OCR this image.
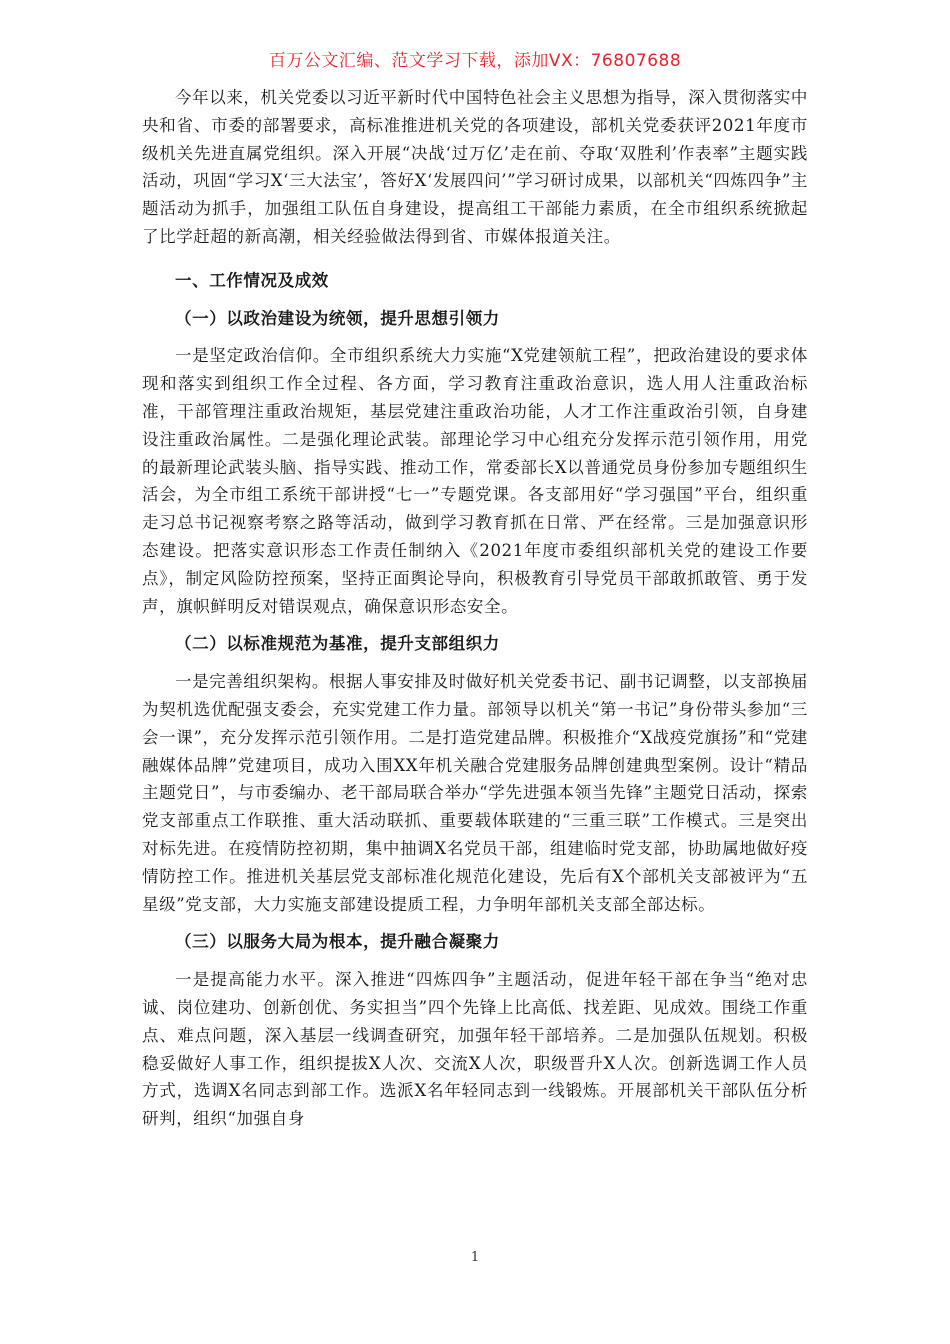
百万公文汇编、范文学习下载，添加VX：76807688

今年以来，机关党委以习近平新时代中国特色社会主义思想为指导，深入贯彻落实中央和省、市委的部署要求，高标准推进机关党的各项建设，部机关党委获评2021年度市级机关先进直属党组织。深入开展“决战‘过万亿’走在前、夺取‘双胜利’作表率”主题实践活动，巩固“学习X‘三大法宝’，答好X‘发展四问’”学习研讨成果，以部机关“四炼四争”主题活动为抓手，加强组工队伍自身建设，提高组工干部能力素质，在全市组织系统掀起了比学赶超的新高潮，相关经验做法得到省、市媒体报道关注。

一、工作情况及成效

（一）以政治建设为统领，提升思想引领力

一是坚定政治信仰。全市组织系统大力实施“X党建领航工程”，把政治建设的要求体现和落实到组织工作全过程、各方面，学习教育注重政治意识，选人用人注重政治标准，干部管理注重政治规矩，基层党建注重政治功能，人才工作注重政治引领，自身建设注重政治属性。二是强化理论武装。部理论学习中心组充分发挥示范引领作用，用党的最新理论武装头脑、指导实践、推动工作，常委部长X以普通党员身份参加专题组织生活会，为全市组工系统干部讲授“七一”专题党课。各支部用好“学习强国”平台，组织重走习总书记视察考察之路等活动，做到学习教育抓在日常、严在经常。三是加强意识形态建设。把落实意识形态工作责任制纳入《2021年度市委组织部机关党的建设工作要点》，制定风险防控预案，坚持正面舆论导向，积极教育引导党员干部敢抓敢管、勇于发声，旗帜鲜明反对错误观点，确保意识形态安全。

（二）以标准规范为基准，提升支部组织力

一是完善组织架构。根据人事安排及时做好机关党委书记、副书记调整，以支部换届为契机选优配强支委会，充实党建工作力量。部领导以机关“第一书记”身份带头参加“三会一课”，充分发挥示范引领作用。二是打造党建品牌。积极推介“X战疫党旗扬”和“党建融媒体品牌”党建项目，成功入围XX年机关融合党建服务品牌创建典型案例。设计“精品主题党日”，与市委编办、老干部局联合举办“学先进强本领当先锋”主题党日活动，探索党支部重点工作联推、重大活动联抓、重要载体联建的“三重三联”工作模式。三是突出对标先进。在疫情防控初期，集中抽调X名党员干部，组建临时党支部，协助属地做好疫情防控工作。推进机关基层党支部标准化规范化建设，先后有X个部机关支部被评为“五星级”党支部，大力实施支部建设提质工程，力争明年部机关支部全部达标。

（三）以服务大局为根本，提升融合凝聚力

一是提高能力水平。深入推进“四炼四争”主题活动，促进年轻干部在争当“绝对忠诚、岗位建功、创新创优、务实担当”四个先锋上比高低、找差距、见成效。围绕工作重点、难点问题，深入基层一线调查研究，加强年轻干部培养。二是加强队伍规划。积极稳妥做好人事工作，组织提拔X人次、交流X人次，职级晋升X人次。创新选调工作人员方式，选调X名同志到部工作。选派X名年轻同志到一线锻炼。开展部机关干部队伍分析研判，组织“加强自身

1
